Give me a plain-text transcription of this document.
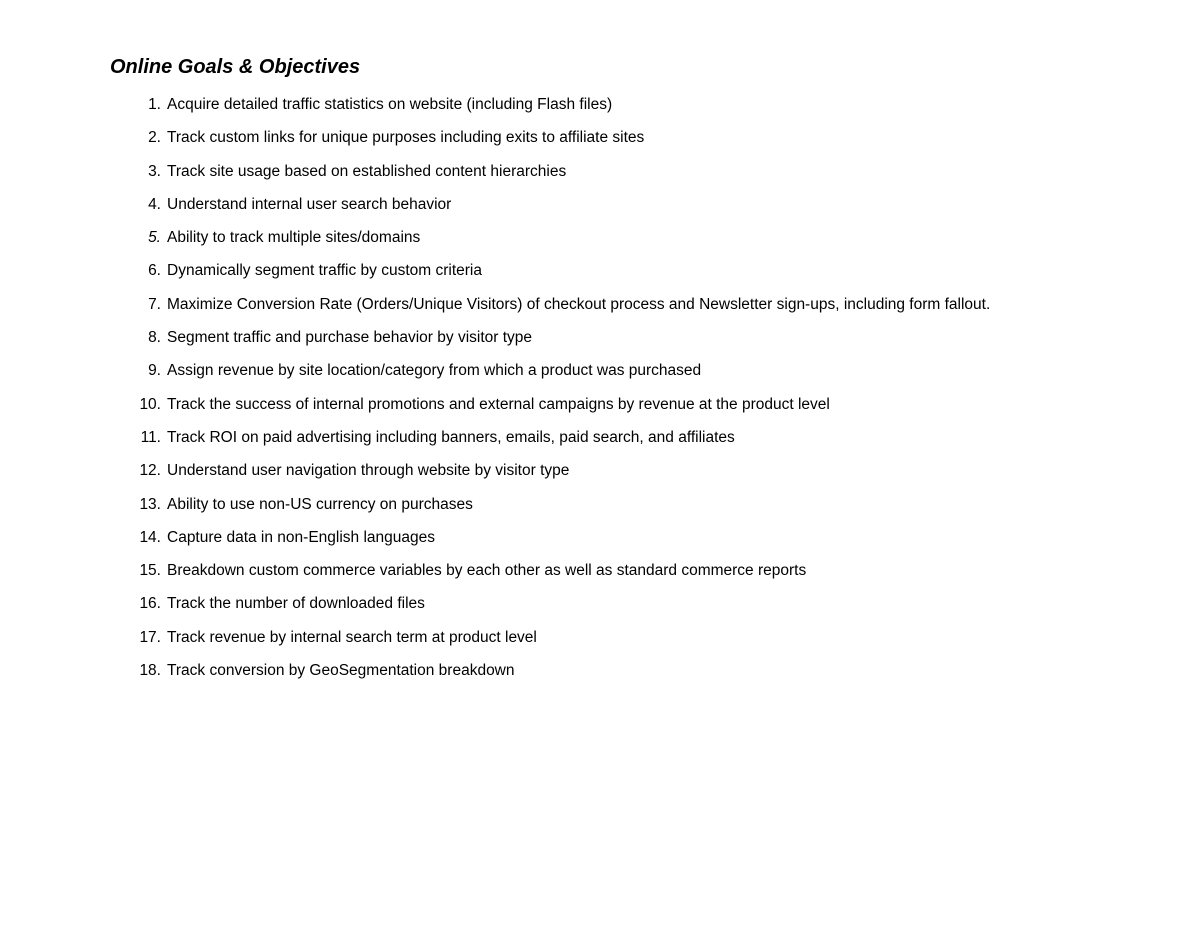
Online Goals & Objectives
1. Acquire detailed traffic statistics on website (including Flash files)
2. Track custom links for unique purposes including exits to affiliate sites
3. Track site usage based on established content hierarchies
4. Understand internal user search behavior
5. Ability to track multiple sites/domains
6. Dynamically segment traffic by custom criteria
7. Maximize Conversion Rate (Orders/Unique Visitors) of checkout process and Newsletter sign-ups, including form fallout.
8. Segment traffic and purchase behavior by visitor type
9. Assign revenue by site location/category from which a product was purchased
10. Track the success of internal promotions and external campaigns by revenue at the product level
11. Track ROI on paid advertising including banners, emails, paid search, and affiliates
12. Understand user navigation through website by visitor type
13. Ability to use non-US currency on purchases
14. Capture data in non-English languages
15. Breakdown custom commerce variables by each other as well as standard commerce reports
16. Track the number of downloaded files
17. Track revenue by internal search term at product level
18. Track conversion by GeoSegmentation breakdown
